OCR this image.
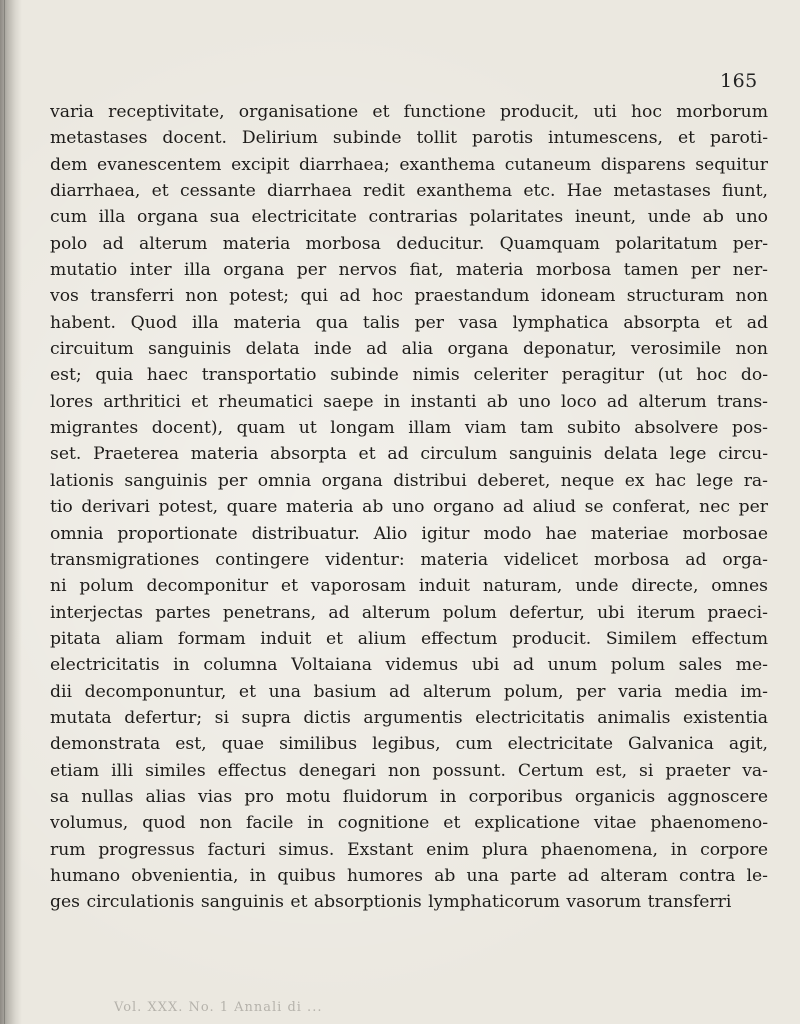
165
varia receptivitate, organisatione et functione producit, uti hoc morborum
metastases docent. Delirium subinde tollit parotis intumescens, et paroti-
dem evanescentem excipit diarrhaea; exanthema cutaneum disparens sequitur
diarrhaea, et cessante diarrhaea redit exanthema etc. Hae metastases fiunt,
cum illa organa sua electricitate contrarias polaritates ineunt, unde ab uno
polo ad alterum materia morbosa deducitur. Quamquam polaritatum per-
mutatio inter illa organa per nervos fiat, materia morbosa tamen per ner-
vos transferri non potest; qui ad hoc praestandum idoneam structuram non
habent. Quod illa materia qua talis per vasa lymphatica absorpta et ad
circuitum sanguinis delata inde ad alia organa deponatur, verosimile non
est; quia haec transportatio subinde nimis celeriter peragitur (ut hoc do-
lores arthritici et rheumatici saepe in instanti ab uno loco ad alterum trans-
migrantes docent), quam ut longam illam viam tam subito absolvere pos-
set. Praeterea materia absorpta et ad circulum sanguinis delata lege circu-
lationis sanguinis per omnia organa distribui deberet, neque ex hac lege ra-
tio derivari potest, quare materia ab uno organo ad aliud se conferat, nec per
omnia proportionate distribuatur. Alio igitur modo hae materiae morbosae
transmigrationes contingere videntur: materia videlicet morbosa ad orga-
ni polum decomponitur et vaporosam induit naturam, unde directe, omnes
interjectas partes penetrans, ad alterum polum defertur, ubi iterum praeci-
pitata aliam formam induit et alium effectum producit. Similem effectum
electricitatis in columna Voltaiana videmus ubi ad unum polum sales me-
dii decomponuntur, et una basium ad alterum polum, per varia media im-
mutata defertur; si supra dictis argumentis electricitatis animalis existentia
demonstrata est, quae similibus legibus, cum electricitate Galvanica agit,
etiam illi similes effectus denegari non possunt. Certum est, si praeter va-
sa nullas alias vias pro motu fluidorum in corporibus organicis aggnoscere
volumus, quod non facile in cognitione et explicatione vitae phaenomeno-
rum progressus facturi simus. Exstant enim plura phaenomena, in corpore
humano obvenientia, in quibus humores ab una parte ad alteram contra le-
ges circulationis sanguinis et absorptionis lymphaticorum vasorum transferri
Vol. XXX. No. 1 Annali di ...
